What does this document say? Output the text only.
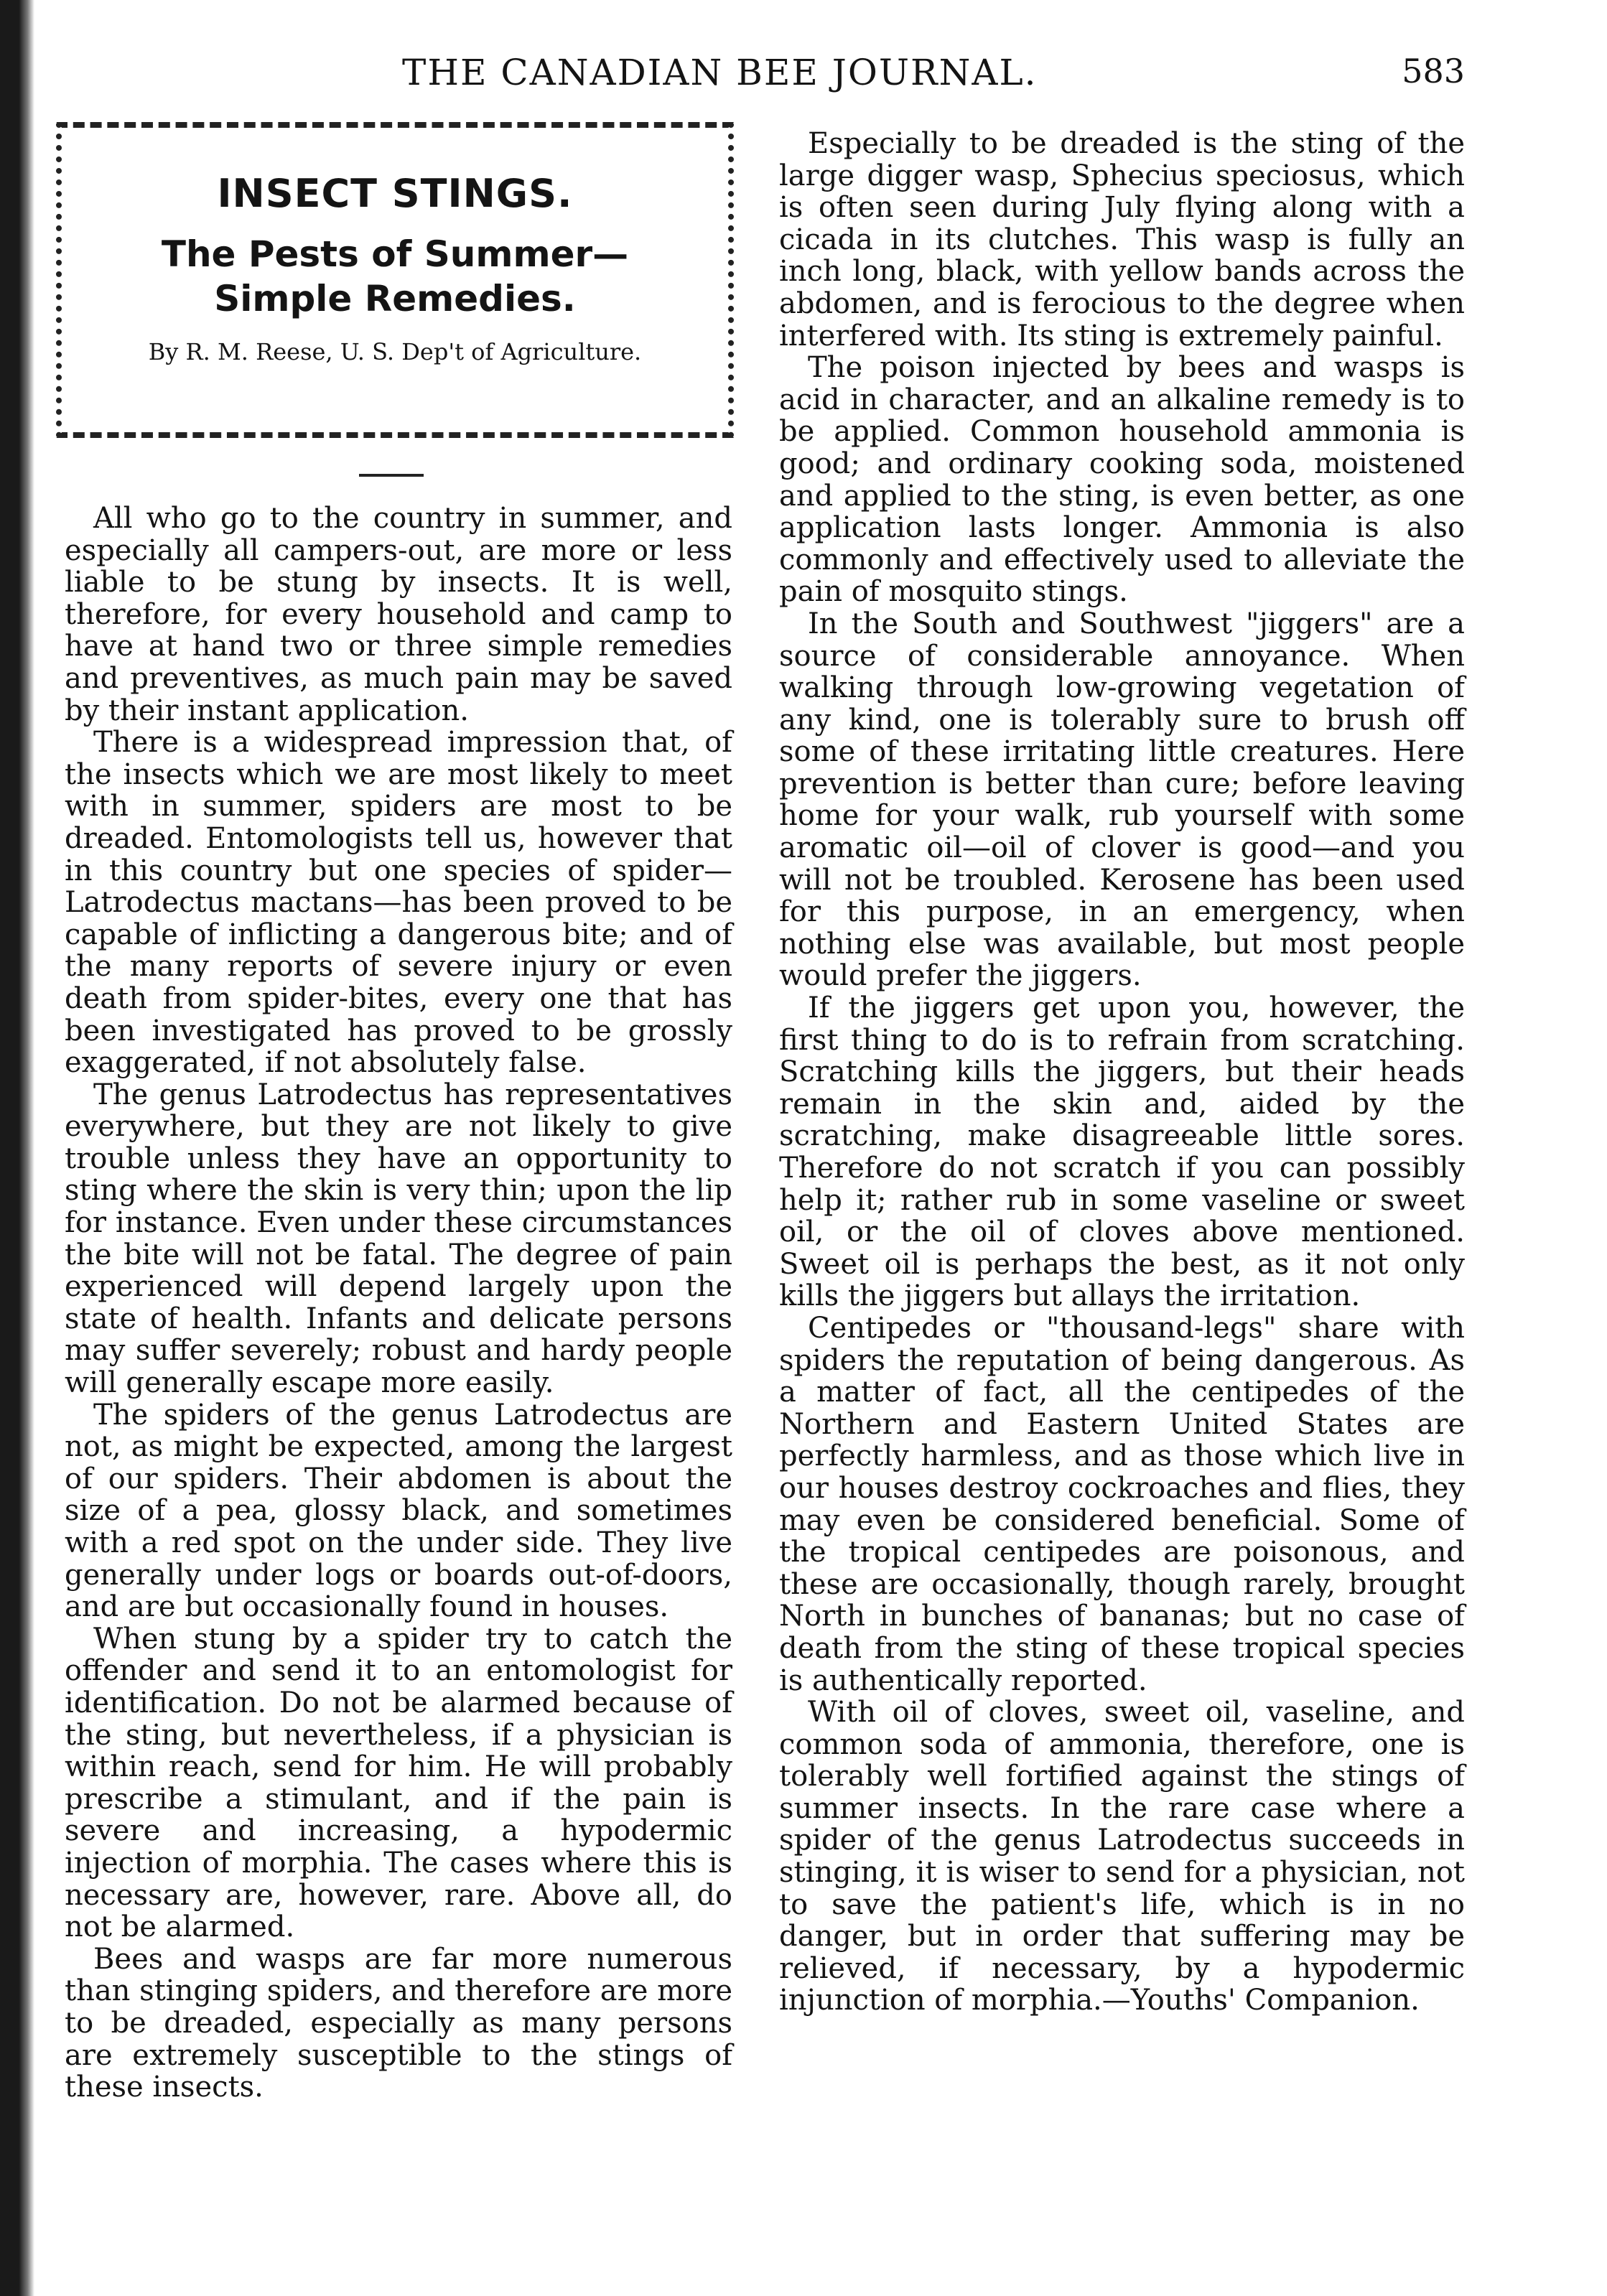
THE CANADIAN BEE JOURNAL.	583
INSECT STINGS.
The Pests of Summer—Simple Remedies.
By R. M. Reese, U. S. Dep't of Agriculture.

All who go to the country in summer, and especially all campers-out, are more or less liable to be stung by insects. It is well, therefore, for every household and camp to have at hand two or three simple remedies and preventives, as much pain may be saved by their instant application.

There is a widespread impression that, of the insects which we are most likely to meet with in summer, spiders are most to be dreaded. Entomologists tell us, however that in this country but one species of spider—Latrodectus mactans—has been proved to be capable of inflicting a dangerous bite; and of the many reports of severe injury or even death from spider-bites, every one that has been investigated has proved to be grossly exaggerated, if not absolutely false.

The genus Latrodectus has representatives everywhere, but they are not likely to give trouble unless they have an opportunity to sting where the skin is very thin; upon the lip for instance. Even under these circumstances the bite will not be fatal. The degree of pain experienced will depend largely upon the state of health. Infants and delicate persons may suffer severely; robust and hardy people will generally escape more easily.

The spiders of the genus Latrodectus are not, as might be expected, among the largest of our spiders. Their abdomen is about the size of a pea, glossy black, and sometimes with a red spot on the under side. They live generally under logs or boards out-of-doors, and are but occasionally found in houses.

When stung by a spider try to catch the offender and send it to an entomologist for identification. Do not be alarmed because of the sting, but nevertheless, if a physician is within reach, send for him. He will probably prescribe a stimulant, and if the pain is severe and increasing, a hypodermic injection of morphia. The cases where this is necessary are, however, rare. Above all, do not be alarmed.

Bees and wasps are far more numerous than stinging spiders, and therefore are more to be dreaded, especially as many persons are extremely susceptible to the stings of these insects.

Especially to be dreaded is the sting of the large digger wasp, Sphecius speciosus, which is often seen during July flying along with a cicada in its clutches. This wasp is fully an inch long, black, with yellow bands across the abdomen, and is ferocious to the degree when interfered with. Its sting is extremely painful.

The poison injected by bees and wasps is acid in character, and an alkaline remedy is to be applied. Common household ammonia is good; and ordinary cooking soda, moistened and applied to the sting, is even better, as one application lasts longer. Ammonia is also commonly and effectively used to alleviate the pain of mosquito stings.

In the South and Southwest "jiggers" are a source of considerable annoyance. When walking through low-growing vegetation of any kind, one is tolerably sure to brush off some of these irritating little creatures. Here prevention is better than cure; before leaving home for your walk, rub yourself with some aromatic oil—oil of clover is good—and you will not be troubled. Kerosene has been used for this purpose, in an emergency, when nothing else was available, but most people would prefer the jiggers.

If the jiggers get upon you, however, the first thing to do is to refrain from scratching. Scratching kills the jiggers, but their heads remain in the skin and, aided by the scratching, make disagreeable little sores. Therefore do not scratch if you can possibly help it; rather rub in some vaseline or sweet oil, or the oil of cloves above mentioned. Sweet oil is perhaps the best, as it not only kills the jiggers but allays the irritation.

Centipedes or "thousand-legs" share with spiders the reputation of being dangerous. As a matter of fact, all the centipedes of the Northern and Eastern United States are perfectly harmless, and as those which live in our houses destroy cockroaches and flies, they may even be considered beneficial. Some of the tropical centipedes are poisonous, and these are occasionally, though rarely, brought North in bunches of bananas; but no case of death from the sting of these tropical species is authentically reported.

With oil of cloves, sweet oil, vaseline, and common soda of ammonia, therefore, one is tolerably well fortified against the stings of summer insects. In the rare case where a spider of the genus Latrodectus succeeds in stinging, it is wiser to send for a physician, not to save the patient's life, which is in no danger, but in order that suffering may be relieved, if necessary, by a hypodermic injunction of morphia.—Youths' Companion.
